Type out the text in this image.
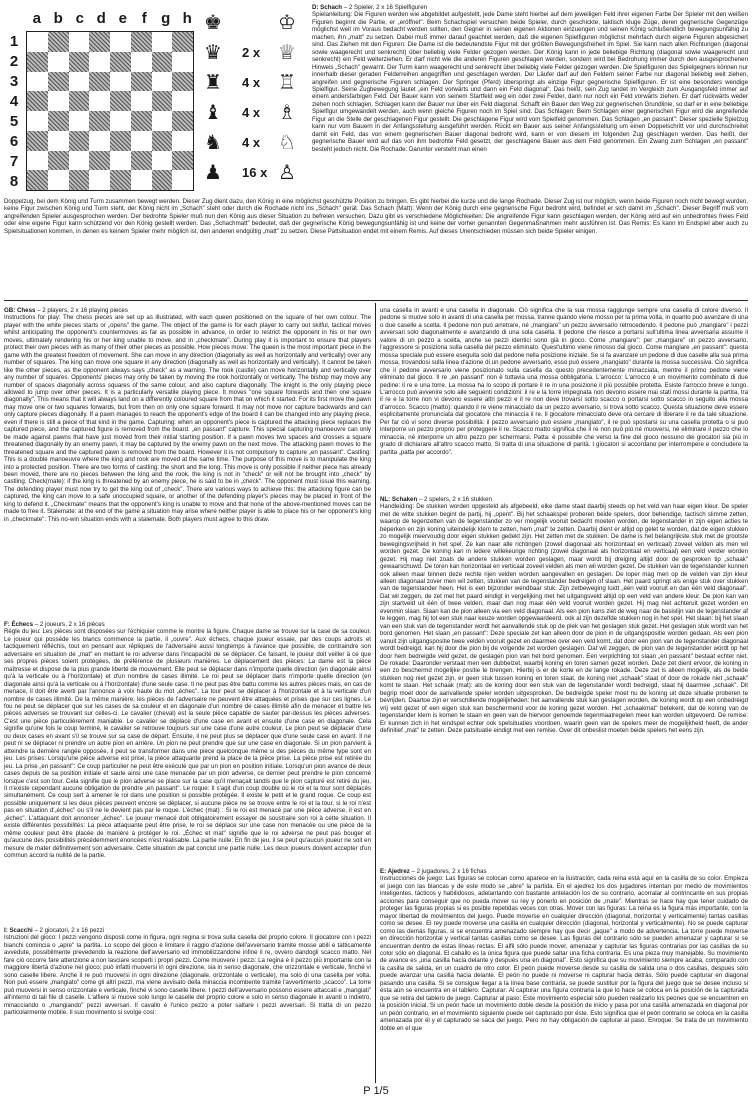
a b c d e f g h
1
2
3
4
5
6
7
8
♚	♔
♛ 2 x ♕
♜ 4 x ♖
♝ 4 x ♗
♞ 4 x ♘
♟ 16 x ♙
D: Schach – 2 Spieler, 2 x 16 Spielfiguren
Spielanleitung: Die Figuren werden wie abgebildet aufgestellt, jede Dame steht hierbei auf dem jeweiligen Feld ihrer eigenen Farbe Der Spieler mit den weißen Figuren beginnt die Partie, er „eröffnet". Beim Schachspiel versuchen beide Spieler, durch geschickte, taktisch kluge Züge, deren gegnerische Gegenzüge möglichst weit im Voraus bedacht werden sollten, den Gegner in seinen eigenen Aktionen einzuengen und seinen König schlußendlich bewegungsunfähig zu machen, ihn „matt" zu setzen. Dabei muß immer darauf geachtet werden, daß die eigenen Spielfiguren möglichst mehrfach durch eigene Figuren abgesichert sind. Das Ziehen mit den Figuren: Die Dame ist die bedeutendste Figur mit der größten Bewegungsfreiheit im Spiel. Sie kann nach allen Richtungen (diagonal sowie waagerecht und senkrecht) über beliebig viele Felder gezogen werden. Der König kann in jede beliebige Richtung (diagonal sowie waagerecht und senkrecht) ein Feld weiterziehen. Er darf nicht wie die anderen Figuren geschlagen werden, sondern wird bei Bedrohung immer durch den ausgesprochenen Hinweis „Schach" gewarnt. Der Turm kann waagerecht und senkrecht über beliebig viele Felder gezogen werden. Die Spielfiguren des Spielgegners können nur innerhalb dieser geraden Felderreihen angegriffen und geschlagen werden. Der Läufer darf auf den Feldern seiner Farbe nur diagonal beliebig weit ziehen, angreifen und gegnerische Figuren schlagen. Der Springer (Pferd) überspringt als einzige Figur gegnerische Spielfiguren. Er ist eine besonders wendige Spielfigur. Seine Zugbewegung lautet „ein Feld vorwärts und dann ein Feld diagonal". Das heißt, sein Zug landet im Vergleich zum Ausgangsfeld immer auf einem andersfarbigen Feld. Der Bauer kann von seinem Startfeld weg ein oder zwei Felder, dann nur noch ein Feld vorwärts ziehen. Er darf rückwärts weder ziehen noch schlagen. Schlagen kann der Bauer nur über ein Feld diagonal. Schafft ein Bauer den Weg zur gegnerischen Grundlinie, so darf er in eine beliebige Spielfigur umgewandelt werden, auch wenn gleiche Figuren noch im Spiel sind. Das Schlagen: Beim Schlagen einer gegnerischen Figur wird die angreifende Figur an die Stelle der geschlagenen Figur gestellt. Die geschlagene Figur wird vom Spielfeld genommen. Das Schlagen „en passant": Dieser spezielle Spielzug kann nur vom Bauern in der Anfangsstellung ausgeführt werden. Rückt ein Bauer aus seiner Anfangsstellung um einen Doppelschritt vor und durchschreitet damit ein Feld, das von einem gegnerischen Bauer diagonal bedroht wird, kann er von diesem im folgenden Zug geschlagen werden. Das heißt, der gegnerische Bauer wird auf das von ihm bedrohte Feld gesetzt, der geschlagene Bauer aus dem Feld genommen. Ein Zwang zum Schlagen „en passant" besteht jedoch nicht. Die Rochade: Darunter versteht man einen
Doppelzug, bei dem König und Turm zusammen bewegt werden. Dieser Zug dient dazu, den König in eine möglichst geschützte Position zu bringen. Es gibt hierbei die kurze und die lange Rochade. Dieser Zug ist nur möglich, wenn beide Figuren noch nicht bewegt wurden, keine Figur zwischen König und Turm steht, der König nicht im „Schach" steht oder durch die Rochade nicht ins „Schach" gerät. Das Schach (Matt): Wenn der König durch eine gegnerische Figur bedroht wird, befindet er sich damit im „Schach". Dieser Begriff muß vom angreifenden Spieler ausgesprochen werden. Der bedrohte Spieler muß nun den König aus dieser Situation zu befreien versuchen. Dazu gibt es verschiedene Möglichkeiten: Die angreifende Figur kann geschlagen werden, der König wird auf ein unbedrohtes freies Feld oder eine eigene Figur kann schützend vor den König gestellt werden. Das „Schachmatt" bedeutet, daß der gegnerische König bewegungsunfähig ist und keine der vorher genannten Gegenmaßnahmen mehr ausführen ist. Das Remis: Es kann im Endspiel aber auch zu Spielsituationen kommen, in denen es keinem Spieler mehr möglich ist, den anderen endgültig „matt" zu setzen. Diese Pattsituation endet mit einem Remis. Auf dieses Unentschieden müssen sich beide Spieler einigen.
GB: Chess – 2 players, 2 x 16 playing pieces
Instructions for play: The chess pieces are set up as illustrated, with each queen positioned on the square of her own colour. The player with the white pieces starts or „opens" the game. The object of the game is for each player to carry out skilful, tactical moves whilst anticipating the opponent's countermoves as far as possible in advance, in order to restrict the opponent in his or her own moves, ultimately rendering his or her king unable to move, and in „checkmate". During play it is important to ensure that players protect their own pieces with as many of their other pieces as possible. How pieces move: The queen is the most important piece in the game with the greatest freedom of movement. She can move in any direction (diagonally as well as horizontally and vertically) over any number of squares. The king can move one square in any direction (diagonally as well as horizontally and vertically). It cannot be taken like the other pieces, as the opponent always says „check" as a warning. The rook (castle) can move horizontally and vertically over any number of squares. Opponents' pieces may only be taken by moving the rook horizontally or vertically. The bishop may move any number of spaces diagonally across squares of the same colour, and also capture diagonally. The knight is the only playing piece allowed to jump over other pieces. It is a particularly versatile playing piece. It moves "one square forwards and then one square diagonally". This means that it will always land on a differently coloured square from that on which it started. For its first move the pawn may move one or two squares forwards, but from then on only one square forward. It may not move nor capture backwards and can only capture pieces diagonally. If a pawn manages to reach the opponent's edge of the board it can be changed into any playing piece, even if there is still a piece of that kind in the game. Capturing: when an opponent's piece is captured the attacking piece replaces the captured piece, and the captured figure is removed from the board. „en passant" capture: This special capturing manoeuvre can only be made against pawns that have just moved from their initial starting position. If a pawn moves two spaces and crosses a square threatened diagonally by an enemy pawn, it may be captured by the enemy pawn on the next move. The attacking pawn moves to the threatened square and the captured pawn is removed from the board. However it is not compulsory to capture „en passant". Castling: This is a double manoeuvre where the king and rook are moved at the same time. The purpose of this move is to manipulate the king into a protected position. There are two forms of castling: the short and the long. This move is only possible if neither piece has already been moved, there are no pieces between the king and the rook, the king is not in "check" or will not be brought into „check" by castling. Check(mate): if the king is threatened by an enemy piece, he is said to be in „check". The opponent must issue this warning. The defending player must now try to get the king out of „check". There are various ways to achieve this: the attacking figure can be captured, the king can move to a safe unoccupied square, or another of the defending player's pieces may be placed in front of the king to defend it. „Checkmate" means that the opponent's king is unable to move and that none of the above-mentioned moves can be made to free it. Stalemate: at the end of the game a situation may arise where neither player is able to place his or her opponent's king in „checkmate". This no-win situation ends with a stalemate. Both players must agree to this draw.
F: Échecs – 2 joueurs, 2 x 16 pièces
Règle du jeu: Les pièces sont disposées sur l'échiquier comme le montre la figure. Chaque dame se trouve sur la case de sa couleur. Le joueur qui possède les blancs commence la partie, il „ouvre". Aux échecs, chaque joueur essaie, par des coups adroits et tactiquement réfléchis, tout en pensant aux répliques de l'adversaire aussi longtemps à l'avance que possible, de contraindre son adversaire en situation de „mat" en mettant le roi adverse dans l'incapacité de se déplacer. Ce faisant, le joueur doit veiller à ce que ses propres pièces soient protégées, de préférence de plusieurs manières. Le déplacement des pièces: La dame est la pièce maîtresse et dispose de la plus grande liberté de mouvement. Elle peut se déplacer dans n'importe quelle direction (en diagonale ainsi qu'à la verticale ou à l'horizontale) et d'un nombre de cases illimité. Le roi peut se déplacer dans n'importe quelle direction (en diagonale ainsi qu'à la verticale ou à l'horizontale) d'une seule case. Il ne peut pas être battu comme les autres pièces mais, en cas de menace, il doit être averti par l'annonce à voix haute du mot „échec". La tour peut se déplacer à l'horizontale et à la verticale d'un nombre de cases illimité. De la même manière, les pièces de l'adversaire ne peuvent être attaquées et prises que sur ces lignes. Le fou ne peut se déplacer que sur les cases de sa couleur et en diagonale d'un nombre de cases illimité afin de menacer et battre les pièces adverses se trouvant sur celles-ci. Le cavalier (cheval) est la seule pièce capable de sauter par-dessus les pièces adverses. C'est une pièce particulièrement maniable. Le cavalier se déplace d'une case en avant et ensuite d'une case en diagonale. Cela signifie qu'une fois le coup terminé, le cavalier se retrouve toujours sur une case d'une autre couleur. Le pion peut se déplacer d'une ou deux cases en avant s'il se trouve sur sa case de départ. Ensuite, il ne peut plus se déplacer que d'une seule case en avant. Il ne peut ni se déplacer ni prendre un autre pion en arrière. Un pion ne peut prendre que sur une case en diagonale. Si un pion parvient à atteindre la dernière rangée opposée, il peut se transformer dans une pièce quelconque même si des pièces du même type sont en jeu. Les prises: Lorsqu'une pièce adverse est prise, la pièce attaquante prend la place de la pièce prise. La pièce prise est retirée du jeu. La prise „en passant": Ce coup particulier ne peut être exécuté que par un pion en position initiale. Lorsqu'un pion avance de deux cases depuis de sa position initiale et saute ainsi une case menacée par un pion adverse, ce dernier peut prendre le pion concerné lorsque c'est son tour. Cela signifie que le pion adverse se place sur la case qu'il menaçait tandis que le pion capturé est retiré du jeu. Il n'existe cependant aucune obligation de prendre „en passant". Le roque: Il s'agit d'un coup double où le roi et la tour sont déplacés simultanément. Ce coup sert à amener le roi dans une position si possible protégée. Il existe le petit et le grand roque. Ce coup est possible uniquement si les deux pièces peuvent encore se déplacer, si aucune pièce ne se trouve entre le roi et la tour, si le roi n'est pas en situation d'„échec" ou s'il ne le devient pas par le roque. L'échec (mat) : Si le roi est menacé par une pièce adverse, il est en „échec". L'attaquant doit annoncer „échec". Le joueur menacé doit obligatoirement essayer de soustraire son roi à cette situation. Il existe différentes possibilités: La pièce attaquante peut être prise, le roi se déplace sur une case non menacée ou une pièce de la même couleur peut être placée de manière à protéger le roi. „Échec et mat" signifie que le roi adverse ne peut pas bouger et qu'aucune des possibilités précédemment énoncées n'est réalisable. La partie nulle: En fin de jeu, il se peut qu'aucun joueur ne soit en mesure de mater définitivement son adversaire. Cette situation de pat conclut une partie nulle. Les deux joueurs doivent accepter d'un commun accord la nullité de la partie.
I: Scacchi – 2 giocatori, 2 x 16 pezzi
Istruzioni del gioco: I pezzi vengono disposti come in figura, ogni regina si trova sulla casella del proprio colore. Il giocatore con i pezzi bianchi comincia o „apre" la partita. Lo scopo del gioco è limitare il raggio d'azione dell'avversario tramite mosse abili e tatticamente avvedute, possibilmente prevedendo la reazione dell'avversario ed immobilizzandone infine il re, ovvero dandogli scacco matto. Nel fare ciò occorre fare attenzione a non lasciare scoperti i propri pezzi. Come muovere i pezzi: La regina è il pezzo più importante con la maggiore libertà d'azione nel gioco; può infatti muoversi in ogni direzione, sia in senso diagonale, che orizzontale e verticale, finché vi sono caselle libere. Anche il re può muoversi in ogni direzione (diagonale, orizzontale o verticale), ma solo di una casella per volta. Non può essere „mangiato" come gli altri pezzi, ma viene avvisato della minaccia incombente tramite l'avvertimento „scacco". La torre può muoversi in senso orizzontale e verticale, finché vi sono caselle libere. I pezzi dell'avversario possono essere attaccati e „mangiati" all'interno di tali file di caselle. L'alfiere si muove solo lungo le caselle del proprio colore e solo in senso diagonale in avanti o indietro, minacciando o „mangiando" pezzi avversari. Il cavallo è l'unico pezzo a poter saltare i pezzi avversari. Si tratta di un pezzo particolarmente mobile. Il suo movimento si svolge così:
una casella in avanti e una casella in diagonale. Ciò significa che la sua mossa raggiunge sempre una casella di colore diverso. Il pedone si muove solo in avanti di una casella per mossa, tranne quando viene mosso per la prima volta, in quanto può avanzare di una o due caselle a scelta. Il pedone non può arretrare, né „mangiare" un pezzo avversario retrocedendo. Il pedone può „mangiare" i pezzi avversari solo diagonalmente e avanzando di una sola casella. Il pedone che riesce a portarsi sull'ultima linea avversaria assume il valore di un pezzo a scelta, anche se pezzi identici sono già in gioco. Come „mangiare": per „mangiare" un pezzo avversario, l'aggressore si posiziona sulla casella del pezzo eliminato. Quest'ultimo viene rimosso dal gioco. Come mangiare „en passant": questa mossa speciale può essere eseguita solo dal pedone nella posizione iniziale. Se si fa avanzare un pedone di due caselle alla sua prima mossa, trovandosi sulla linea d'azione di un pedone avversario, esso può essere „mangiato" durante la mossa successiva. Ciò significa che il pedone avversario viene posizionato sulla casella da questo precedentemente minacciata, mentre il primo pedone viene eliminato dal gioco. Il re „en passant" non è tuttavia una mossa obbligatoria. L'arrocco: L'arrocco è un movimento combinato di due pedine: il re e una torre. La mossa ha lo scopo di portare il re in una posizione il più possibile protetta. Esiste l'arrocco breve e lungo. L'arrocco può avvenire solo alle seguenti condizioni: il re e la torre impegnata non devono essere mai stati mossi durante la partita, tra il re e la torre non vi devono essere altri pezzi e il re non deve trovarsi sotto scacco o portarsi sotto scacco in seguito alla mossa d'arrocco. Scacco (matto): quando il re viene minacciato da un pezzo avversario, si trova sotto scacco. Questa situazione deve essere esplicitamente pronunciata dal giocatore che minaccia il re. Il giocatore minacciato deve ora cercare di liberare il re da tale situazione. Per far ciò vi sono diverse possibilità: il pezzo avversario può essere „mangiato", il re può spostarsi su una casella protetta o si può interporre un pezzo proprio per proteggere il re. Scacco matto significa che il re non può più né muoversi, né eliminare il pezzo che lo minaccia, né interporre un altro pezzo per schermarsi. Patta: è possibile che verso la fine del gioco nessuno dei giocatori sia più in grado di dichiarare all'altro scacco matto. Si tratta di una situazione di parità. I giocatori si accordano per interrompere e concludere la partita „patta per accordo".
NL: Schaken – 2 spelers, 2 x 16 stukken
Handleiding: De stukken worden opgesteld als afgebeeld, elke dame staat daarbij steeds op het veld van haar eigen kleur. De speler met de witte stukken begint de partij, hij „opent". Bij het schaakspel proberen beide spelers, door behendige, tactisch slimme zetten, waarop de tegenzetten van de tegenstander zo ver mogelijk vooruit bedacht moeten worden, de tegenstander in zijn eigen acties te beperken en zijn koning uiteindelijk klem te zetten, hem „mat" te zetten. Daarbij dient er altijd op gelet te worden, dat de eigen stukken zo mogelijk meervoudig door eigen stukken gedekt zijn. Het zetten met de stukken: De dame is het belangrijkste stuk met de grootste bewegingsvrijheid in het spel. Ze kan naar alle richtingen (zowel diagonaal als horizontaal en verticaal) zoveel velden als men wil worden gezet. De koning kan in iedere willekeurige richting (zowel diagonaal als horizontaal en verticaal) een veld verder worden gezet. Hij mag niet zoals de andere stukken worden geslagen, maar wordt bij dreiging altijd door de gesproken tip „schaak" gewaarschuwd. De toren kan horizontaal en verticaal zoveel velden als men wil worden gezet. De stukken van de tegenstander kunnen ook alleen maar binnen deze rechte rijen velden worden aangevallen en geslagen. De loper mag men op de velden van zijn kleur alleen diagonaal zover men wil zetten, stukken van de tegenstander bedreigen of slaan. Het paard springt als enige stuk over stukken van de tegenstander heen. Het is een bijzonder wendbaar stuk. Zijn zetbeweging luidt „één veld vooruit en dan één veld diagonaal". Dat wil zeggen, de zet met het paard eindigt in vergelijking met het uitgangsveld altijd op een veld van andere kleur. De pion kan van zijn startveld uit één of twee velden, maar dan nog maar één veld vooruit worden gezet. Hij mag niet achteruit gezet worden en evenmin slaan. Slaan kan de pion alleen via een veld diagonaal. Als een pion kans ziet de weg naar de basislijn van de tegenstander af te leggen, mag hij tot een stuk naar keuze worden opgewaardeerd, ook al zijn dezelfde stukken nog in het spel. Het slaan: bij het slaan van een stuk van de tegenstander wordt het aanvallende stuk op de plek van het geslagen stuk gezet. Het geslagen stuk wordt van het bord genomen. Het slaan „en passant": Deze speciale zet kan alleen door de pion in de uitgangspositie worden gedaan. Als een pion vanuit zijn uitgangspositie twee velden vooruit gezet en daarmee over een veld komt, dat door een pion van de tegenstander diagonaal wordt bedreigd, kan hij door die pion bij de volgende zet worden geslagen. Dat wil zeggen, de pion van de tegenstander wordt op het door hem bedreigde veld gezet, de geslagen pion van het bord genomen. Een verplichting tot slaan „en passant" bestaat echter niet. De rokade: Daaronder verstaat men een dubbelzet, waarbij koning en toren samen gezet worden. Deze zet dient ervoor, de koning in een zo beschermd mogelijke positie te brengen. Hierbij is er de korte en de lange rokade. Deze zet is alleen mogelijk, als de beide stukken nog niet gezet zijn, er geen stuk tussen koning en toren staat, de koning niet „schaak" staat of door de rokade niet „schaak" komt te staan. Het schaak (mat): als de koning door een stuk van de tegenstander wordt bedreigd, staat hij daarmee „schaak". Dit begrip moet door de aanvallende speler worden uitgesproken. De bedreigde speler moet nu de koning uit deze situatie proberen te bevrijden. Daartoe zijn er verschillende mogelijkheden: het aanvallende stuk kan geslagen worden, de koning wordt op een onbedreigd vrij veld gezet of een eigen stuk kan beschermend voor de koning gezet worden. Het „schaakmat" betekent, dat de koning van de tegenstander klem is komen te staan en geen van de hiervoor genoemde tegenmaatregelen meer kan worden uitgevoerd. De remise: Er kunnen zich in het eindspel echter ook spelsituaties voordoen, waarin geen van de spelers meer de mogelijkheid heeft, de ander definitief „mat" te zetten. Deze patsituatie eindigt met een remise. Over dit onbeslist moeten beide spelers het eens zijn.
E: Ajedrez – 2 jugadores, 2 x 16 fichas
Instrucciones de juego: Las figuras se colocan como aparece en la ilustración, cada reina está aquí en la casilla de su color. Empieza el juego con las blancas y de este modo se „abre" la partida. En el ajedrez los dos jugadores intentan por medio de movimientos inteligentes, tácticos y habilidosos, adelantando con bastante antelación los de su contrario, acorralar al contrincante en sus propias acciones para conseguir que no pueda mover su rey y ponerlo en posición de „mate". Mientras se hace hay que tener cuidado de proteger las figuras propias si es posible repetidas veces con otras. Mover con las figuras: La reina es la figura más importante, con la mayor libertad de movimientos del juego. Puede moverse en cualquier dirección (diagonal, horizontal y verticalmente) tantas casillas como se desee. El rey puede moverse una casilla en cualquier dirección (diagonal, horizontal y verticalmente). No se puede capturar como las demás figuras, si se encuentra amenazado siempre hay que decir „jaque" a modo de advertencia. La torre puede moverse en dirección horizontal y vertical tantas casillas como se desee. Las figuras del contrario sólo se pueden amenazar y capturar si se encuentran dentro de estas líneas rectas. El alfil sólo puede mover, amenazar y capturar las figuras contrarias por las casillas de su color sólo en diagonal. El caballo es la única figura que puede saltar una ficha contraria. Es una pieza muy manejable. Su movimiento de avance es „una casilla hacia delante y después una en diagonal". Esto significa que su movimiento siempre acaba, comparado con la casilla de salida, en un cuadro de otro color. El peón puede moverse desde su casilla de salida una o dos casillas, después sólo puede avanzar una casilla hacia delante. El peón no puede ni moverse ni capturar hacia detrás. Sólo puede capturar en diagonal pasando una casilla. Si se consigue llegar a la línea base contraria, se puede sustituir por la figura del juego que se desee incluso si ésta aún se encuentra en el tablero. Capturar: Al capturar una figura contraria la que lo hace se coloca en la posición de la capturada que se retira del tablero de juego. Capturar al paso: Este movimiento especial sólo pueden realizarlo los peones que se encuentren en la posición inicial. Si un peón hace un movimiento doble desde la posición de inicio y pasa por una casilla amenazada en diagonal por un peón contrario, en el movimiento siguiente puede ser capturado por éste. Esto significa que el peón contrario se coloca en la casilla amenazada por él y el capturado se saca del juego. Pero no hay obligación de capturar al paso. Enroque: Se trata de un movimiento doble en el que
P 1/5
